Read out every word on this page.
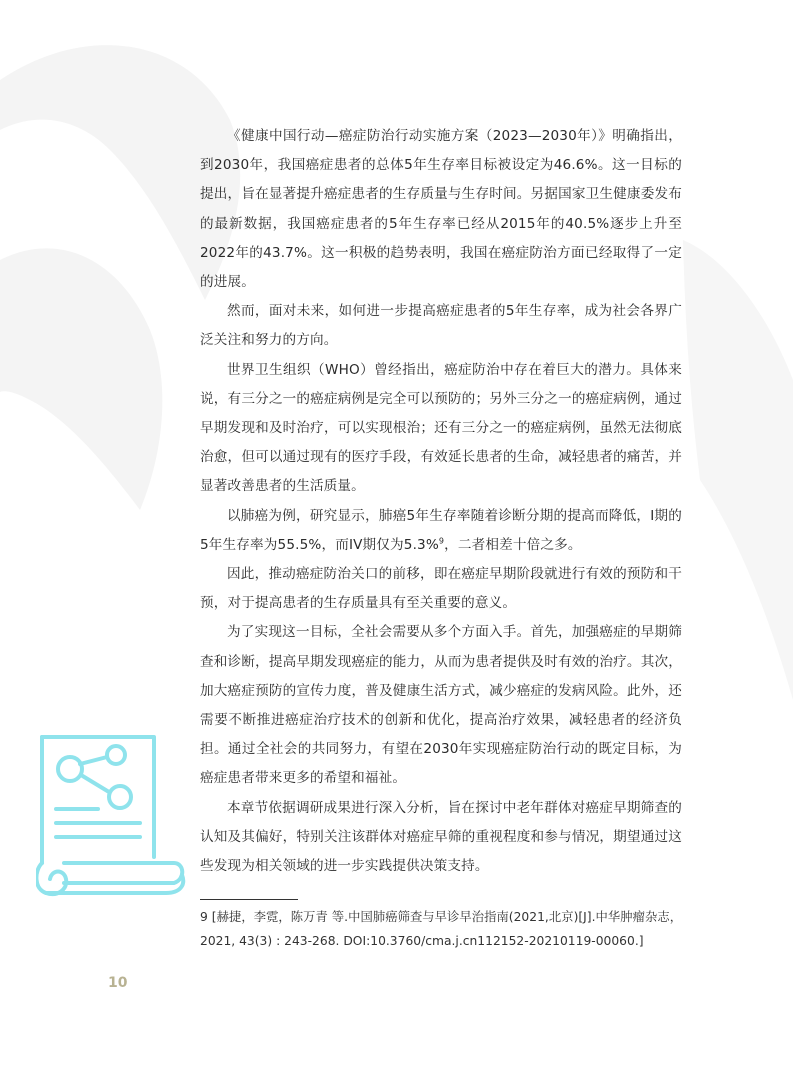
《健康中国行动—癌症防治行动实施方案（2023—2030年）》明确指出，到2030年，我国癌症患者的总体5年生存率目标被设定为46.6%。这一目标的提出，旨在显著提升癌症患者的生存质量与生存时间。另据国家卫生健康委发布的最新数据，我国癌症患者的5年生存率已经从2015年的40.5%逐步上升至2022年的43.7%。这一积极的趋势表明，我国在癌症防治方面已经取得了一定的进展。

然而，面对未来，如何进一步提高癌症患者的5年生存率，成为社会各界广泛关注和努力的方向。

世界卫生组织（WHO）曾经指出，癌症防治中存在着巨大的潜力。具体来说，有三分之一的癌症病例是完全可以预防的；另外三分之一的癌症病例，通过早期发现和及时治疗，可以实现根治；还有三分之一的癌症病例，虽然无法彻底治愈，但可以通过现有的医疗手段，有效延长患者的生命，减轻患者的痛苦，并显著改善患者的生活质量。

以肺癌为例，研究显示，肺癌5年生存率随着诊断分期的提高而降低，I期的5年生存率为55.5%，而IV期仅为5.3%$^9$，二者相差十倍之多。

因此，推动癌症防治关口的前移，即在癌症早期阶段就进行有效的预防和干预，对于提高患者的生存质量具有至关重要的意义。

为了实现这一目标，全社会需要从多个方面入手。首先，加强癌症的早期筛查和诊断，提高早期发现癌症的能力，从而为患者提供及时有效的治疗。其次，加大癌症预防的宣传力度，普及健康生活方式，减少癌症的发病风险。此外，还需要不断推进癌症治疗技术的创新和优化，提高治疗效果，减轻患者的经济负担。通过全社会的共同努力，有望在2030年实现癌症防治行动的既定目标，为癌症患者带来更多的希望和福祉。

本章节依据调研成果进行深入分析，旨在探讨中老年群体对癌症早期筛查的认知及其偏好，特别关注该群体对癌症早筛的重视程度和参与情况，期望通过这些发现为相关领域的进一步实践提供决策支持。

9 [赫捷，李霓，陈万青 等.中国肺癌筛查与早诊早治指南(2021,北京)[J].中华肿瘤杂志，2021, 43(3) : 243-268. DOI:10.3760/cma.j.cn112152-20210119-00060.]
10
